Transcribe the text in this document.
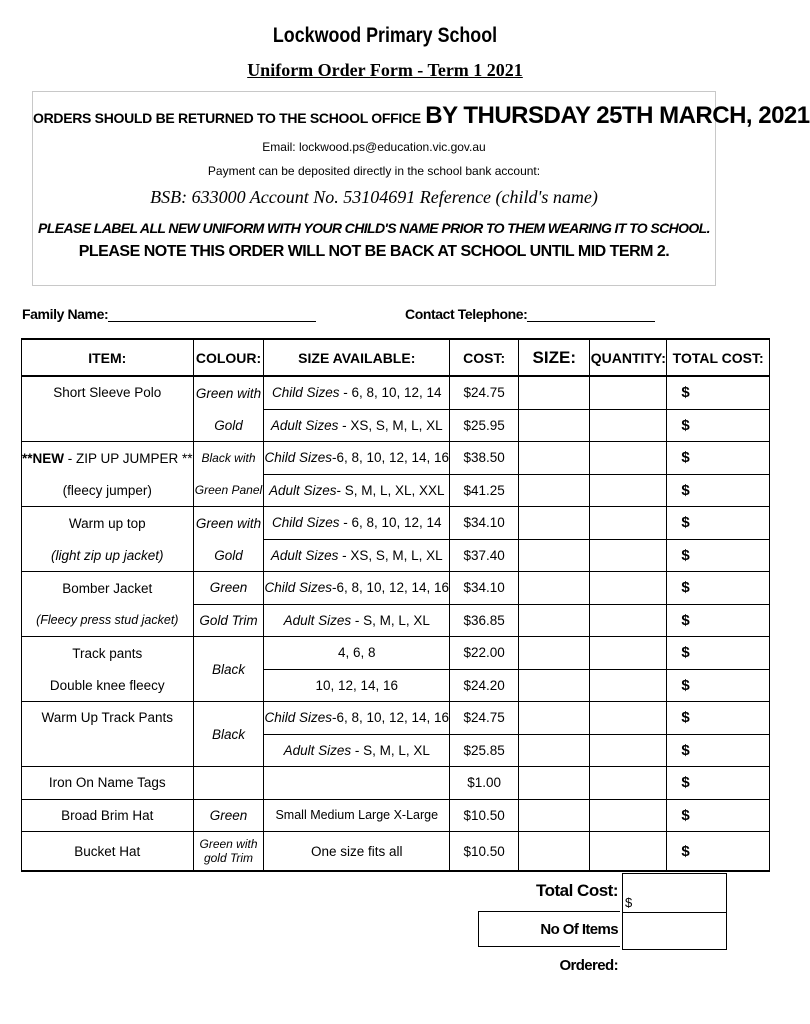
Lockwood Primary School
Uniform Order Form - Term 1 2021
ORDERS SHOULD BE RETURNED TO THE SCHOOL OFFICE BY THURSDAY 25TH MARCH, 2021
Email: lockwood.ps@education.vic.gov.au
Payment can be deposited directly in the school bank account:
BSB: 633000 Account No. 53104691 Reference (child's name)
PLEASE LABEL ALL NEW UNIFORM WITH YOUR CHILD'S NAME PRIOR TO THEM WEARING IT TO SCHOOL.
PLEASE NOTE THIS ORDER WILL NOT BE BACK AT SCHOOL UNTIL MID TERM 2.
Family Name:	Contact Telephone:
ITEM:	COLOUR:	SIZE AVAILABLE:	COST:	SIZE:	QUANTITY:	TOTAL COST:

Short Sleeve Polo	Green with	Child Sizes - 6, 8, 10, 12, 14	$24.75			$
	Gold	Adult Sizes - XS, S, M, L, XL	$25.95			$
**NEW - ZIP UP JUMPER **	Black with	Child Sizes-6, 8, 10, 12, 14, 16	$38.50			$
(fleecy jumper)	Green Panel	Adult Sizes- S, M, L, XL, XXL	$41.25			$
Warm up top	Green with	Child Sizes - 6, 8, 10, 12, 14	$34.10			$
(light zip up jacket)	Gold	Adult Sizes - XS, S, M, L, XL	$37.40			$
Bomber Jacket	Green	Child Sizes-6, 8, 10, 12, 14, 16	$34.10			$
(Fleecy press stud jacket)	Gold Trim	Adult Sizes - S, M, L, XL	$36.85			$
Track pants	Black	4, 6, 8	$22.00			$
Double knee fleecy		10, 12, 14, 16	$24.20			$

Warm Up Track Pants	Black	Child Sizes-6, 8, 10, 12, 14, 16	$24.75			$
		Adult Sizes - S, M, L, XL	$25.85			$
Iron On Name Tags			$1.00			$
Broad Brim Hat	Green	Small Medium Large X-Large	$10.50			$
Bucket Hat	Green with gold Trim	One size fits all	$10.50			$
Total Cost:
$
No Of Items Ordered:
